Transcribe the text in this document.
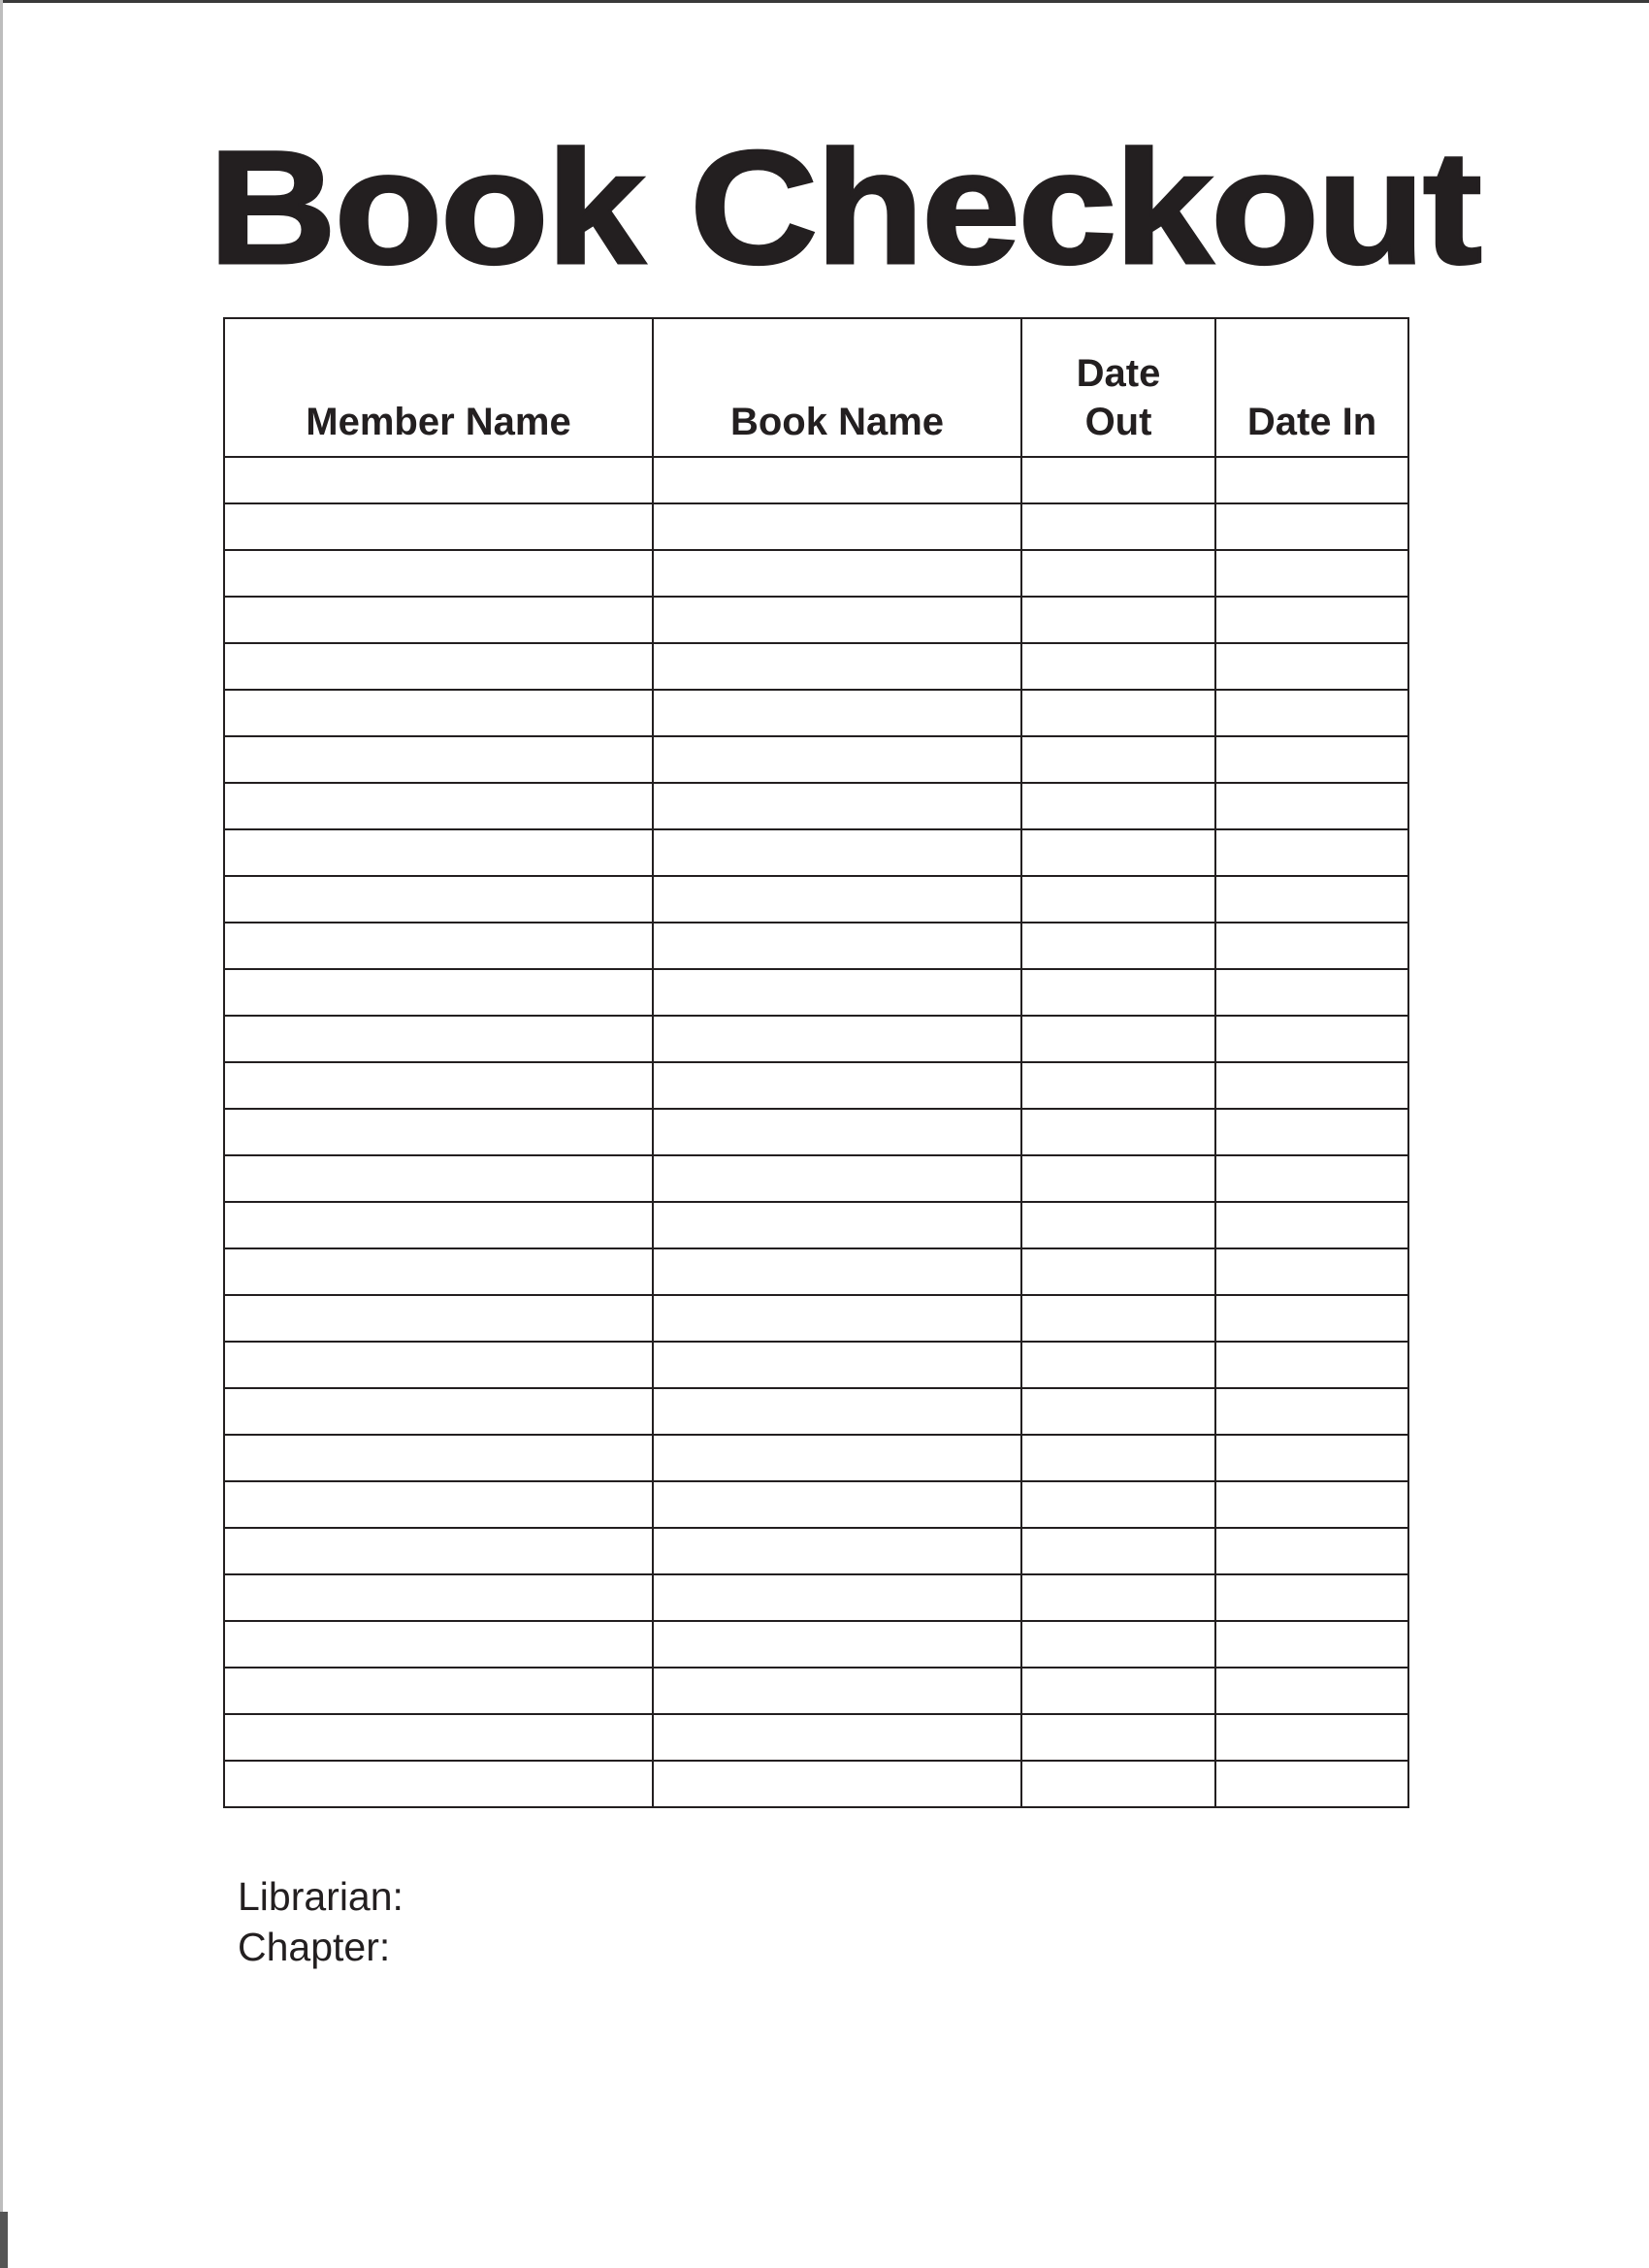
Book Checkout
Member Name	Book Name	Date Out	Date In

Librarian:
Chapter:
